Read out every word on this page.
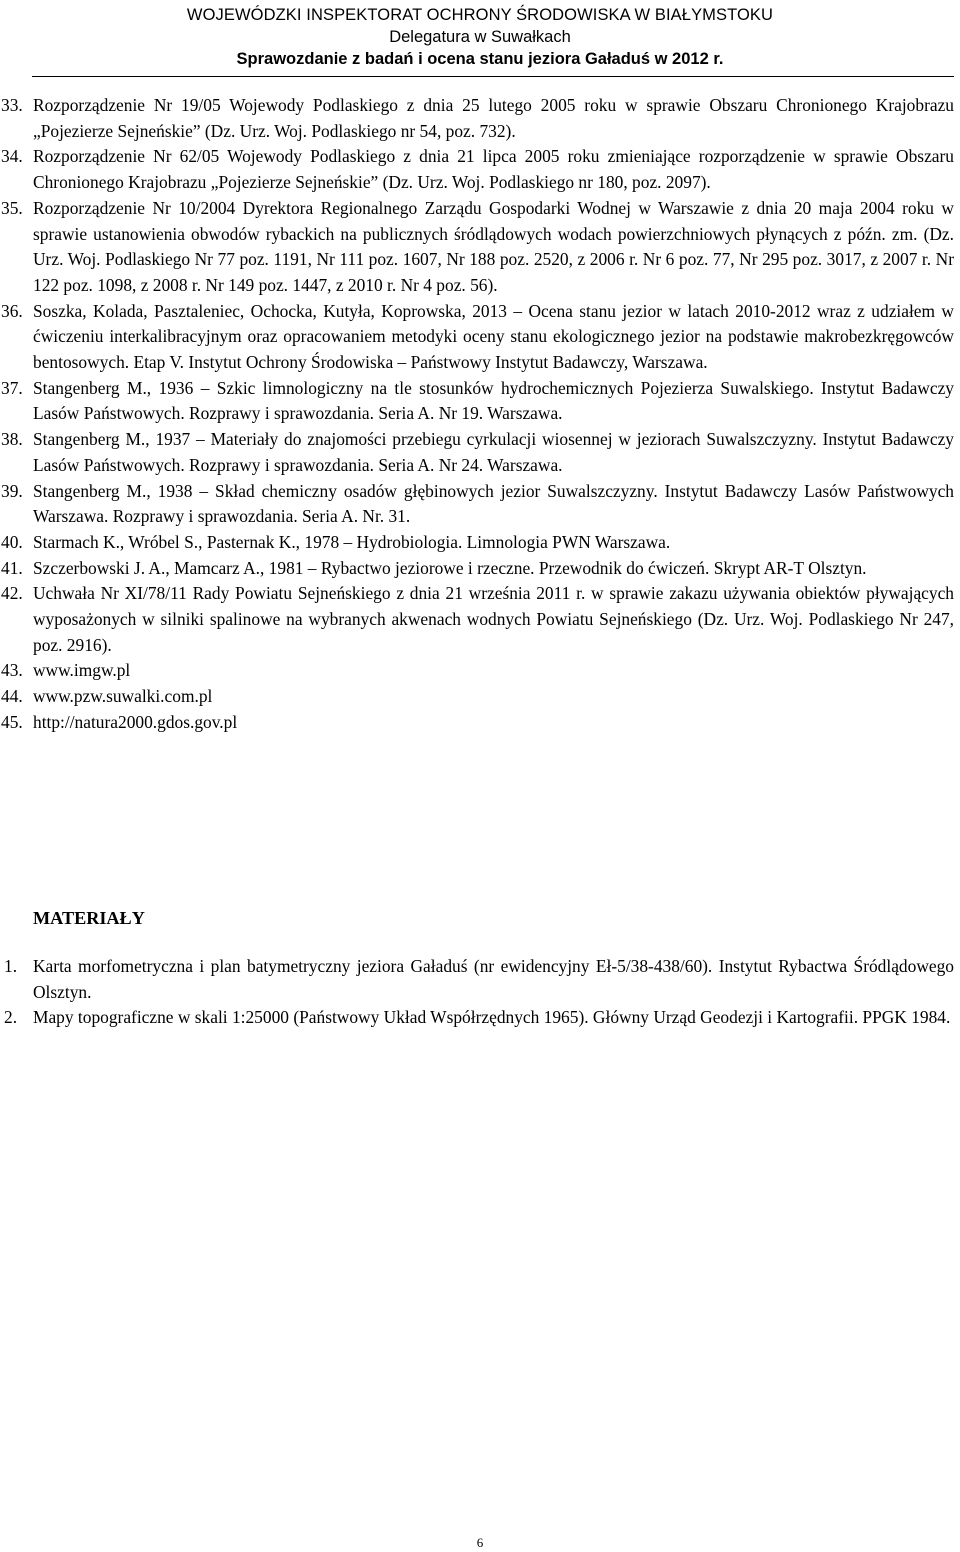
WOJEWÓDZKI INSPEKTORAT OCHRONY ŚRODOWISKA W BIAŁYMSTOKU
Delegatura w Suwałkach
Sprawozdanie z badań i ocena stanu jeziora Gaładuś w 2012 r.
33. Rozporządzenie Nr 19/05 Wojewody Podlaskiego z dnia 25 lutego 2005 roku w sprawie Obszaru Chronionego Krajobrazu „Pojezierze Sejneńskie” (Dz. Urz. Woj. Podlaskiego nr 54, poz. 732).
34. Rozporządzenie Nr 62/05 Wojewody Podlaskiego z dnia 21 lipca 2005 roku zmieniające rozporządzenie w sprawie Obszaru Chronionego Krajobrazu „Pojezierze Sejneńskie” (Dz. Urz. Woj. Podlaskiego nr 180, poz. 2097).
35. Rozporządzenie Nr 10/2004 Dyrektora Regionalnego Zarządu Gospodarki Wodnej w Warszawie z dnia 20 maja 2004 roku w sprawie ustanowienia obwodów rybackich na publicznych śródlądowych wodach powierzchniowych płynących z późn. zm. (Dz. Urz. Woj. Podlaskiego Nr 77 poz. 1191, Nr 111 poz. 1607, Nr 188 poz. 2520, z 2006 r. Nr 6 poz. 77, Nr 295 poz. 3017, z 2007 r. Nr 122 poz. 1098, z 2008 r. Nr 149 poz. 1447, z 2010 r. Nr 4 poz. 56).
36. Soszka, Kolada, Pasztaleniec, Ochocka, Kutyła, Koprowska, 2013 – Ocena stanu jezior w latach 2010-2012 wraz z udziałem w ćwiczeniu interkalibracyjnym oraz opracowaniem metodyki oceny stanu ekologicznego jezior na podstawie makrobezkręgowców bentosowych. Etap V. Instytut Ochrony Środowiska – Państwowy Instytut Badawczy, Warszawa.
37. Stangenberg M., 1936 – Szkic limnologiczny na tle stosunków hydrochemicznych Pojezierza Suwalskiego. Instytut Badawczy Lasów Państwowych. Rozprawy i sprawozdania. Seria A. Nr 19. Warszawa.
38. Stangenberg M., 1937 – Materiały do znajomości przebiegu cyrkulacji wiosennej w jeziorach Suwalszczyzny. Instytut Badawczy Lasów Państwowych. Rozprawy i sprawozdania. Seria A. Nr 24. Warszawa.
39. Stangenberg M., 1938 – Skład chemiczny osadów głębinowych jezior Suwalszczyzny. Instytut Badawczy Lasów Państwowych Warszawa. Rozprawy i sprawozdania. Seria A. Nr. 31.
40. Starmach K., Wróbel S., Pasternak K., 1978 – Hydrobiologia. Limnologia PWN Warszawa.
41. Szczerbowski J. A., Mamcarz A., 1981 – Rybactwo jeziorowe i rzeczne. Przewodnik do ćwiczeń. Skrypt AR-T Olsztyn.
42. Uchwała Nr XI/78/11 Rady Powiatu Sejneńskiego z dnia 21 września 2011 r. w sprawie zakazu używania obiektów pływających wyposażonych w silniki spalinowe na wybranych akwenach wodnych Powiatu Sejneńskiego (Dz. Urz. Woj. Podlaskiego Nr 247, poz. 2916).
43. www.imgw.pl
44. www.pzw.suwalki.com.pl
45. http://natura2000.gdos.gov.pl
MATERIAŁY
1. Karta morfometryczna i plan batymetryczny jeziora Gaładuś (nr ewidencyjny Eł-5/38-438/60). Instytut Rybactwa Śródlądowego Olsztyn.
2. Mapy topograficzne w skali 1:25000 (Państwowy Układ Współrzędnych 1965). Główny Urząd Geodezji i Kartografii. PPGK 1984.
6
